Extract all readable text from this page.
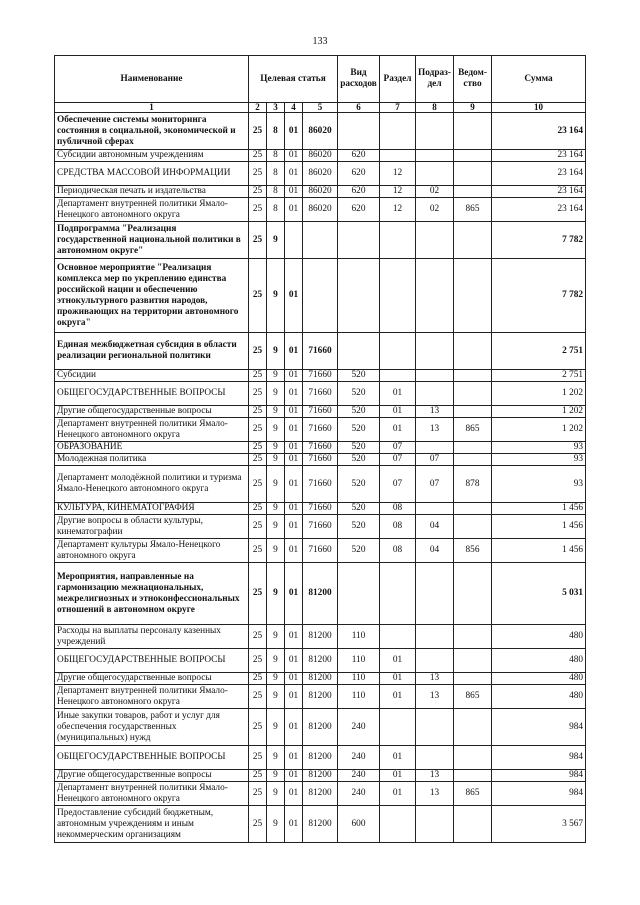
133
Наименование	Целевая статья				Вид расходов	Раздел	Подраз-дел	Ведом-ство	Сумма
1	2	3	4	5	6	7	8	9	10
Обеспечение системы мониторинга состояния в социальной, экономической и публичной сферах	25	8	01	86020					23 164
Субсидии автономным учреждениям	25	8	01	86020	620				23 164
СРЕДСТВА МАССОВОЙ ИНФОРМАЦИИ	25	8	01	86020	620	12			23 164
Периодическая печать и издательства	25	8	01	86020	620	12	02		23 164
Департамент внутренней политики Ямало-Ненецкого автономного округа	25	8	01	86020	620	12	02	865	23 164
Подпрограмма "Реализация государственной национальной политики в автономном округе"	25	9							7 782
Основное мероприятие "Реализация комплекса мер по укреплению единства российской нации и обеспечению этнокультурного развития народов, проживающих на территории автономного округа"	25	9	01						7 782
Единая межбюджетная субсидия в области реализации региональной политики	25	9	01	71660					2 751
Субсидии	25	9	01	71660	520				2 751
ОБЩЕГОСУДАРСТВЕННЫЕ ВОПРОСЫ	25	9	01	71660	520	01			1 202
Другие общегосударственные вопросы	25	9	01	71660	520	01	13		1 202
Департамент внутренней политики Ямало-Ненецкого автономного округа	25	9	01	71660	520	01	13	865	1 202
ОБРАЗОВАНИЕ	25	9	01	71660	520	07			93
Молодежная политика	25	9	01	71660	520	07	07		93
Департамент молодёжной политики и туризма Ямало-Ненецкого автономного округа	25	9	01	71660	520	07	07	878	93
КУЛЬТУРА, КИНЕМАТОГРАФИЯ	25	9	01	71660	520	08			1 456
Другие вопросы в области культуры, кинематографии	25	9	01	71660	520	08	04		1 456
Департамент культуры Ямало-Ненецкого автономного округа	25	9	01	71660	520	08	04	856	1 456
Мероприятия, направленные на гармонизацию межнациональных, межрелигиозных и этноконфессиональных отношений в автономном округе	25	9	01	81200					5 031
Расходы на выплаты персоналу казенных учреждений	25	9	01	81200	110				480
ОБЩЕГОСУДАРСТВЕННЫЕ ВОПРОСЫ	25	9	01	81200	110	01			480
Другие общегосударственные вопросы	25	9	01	81200	110	01	13		480
Департамент внутренней политики Ямало-Ненецкого автономного округа	25	9	01	81200	110	01	13	865	480
Иные закупки товаров, работ и услуг для обеспечения государственных (муниципальных) нужд	25	9	01	81200	240				984
ОБЩЕГОСУДАРСТВЕННЫЕ ВОПРОСЫ	25	9	01	81200	240	01			984
Другие общегосударственные вопросы	25	9	01	81200	240	01	13		984
Департамент внутренней политики Ямало-Ненецкого автономного округа	25	9	01	81200	240	01	13	865	984
Предоставление субсидий бюджетным, автономным учреждениям и иным некоммерческим организациям	25	9	01	81200	600				3 567
